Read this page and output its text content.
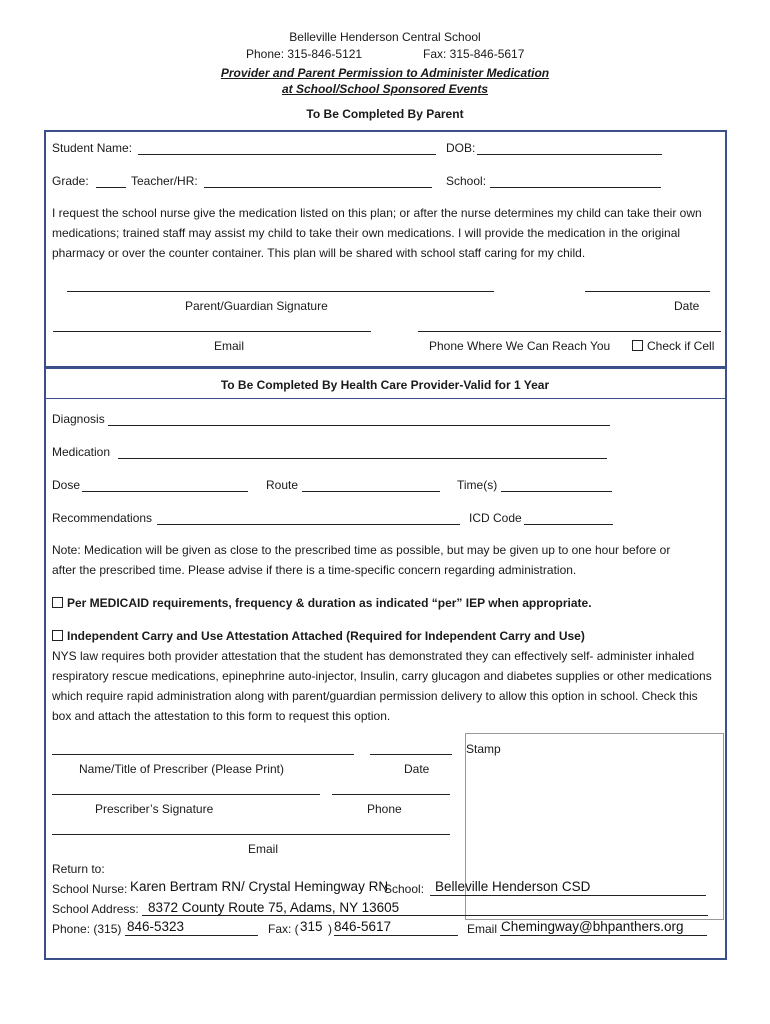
Belleville Henderson Central School
Phone: 315-846-5121	Fax: 315-846-5617
Provider and Parent Permission to Administer Medication
at School/School Sponsored Events
To Be Completed By Parent
Student Name:	DOB:
Grade:	Teacher/HR:	School:
I request the school nurse give the medication listed on this plan; or after the nurse determines my child can take their own medications; trained staff may assist my child to take their own medications. I will provide the medication in the original pharmacy or over the counter container. This plan will be shared with school staff caring for my child.
Parent/Guardian Signature	Date
Email	Phone Where We Can Reach You	Check if Cell
To Be Completed By Health Care Provider-Valid for 1 Year
Diagnosis
Medication
Dose	Route	Time(s)
Recommendations	ICD Code
Note: Medication will be given as close to the prescribed time as possible, but may be given up to one hour before or after the prescribed time. Please advise if there is a time-specific concern regarding administration.
Per MEDICAID requirements, frequency & duration as indicated “per” IEP when appropriate.
Independent Carry and Use Attestation Attached (Required for Independent Carry and Use)
NYS law requires both provider attestation that the student has demonstrated they can effectively self- administer inhaled respiratory rescue medications, epinephrine auto-injector, Insulin, carry glucagon and diabetes supplies or other medications which require rapid administration along with parent/guardian permission delivery to allow this option in school. Check this box and attach the attestation to this form to request this option.
Stamp
Name/Title of Prescriber (Please Print)	Date
Prescriber’s Signature	Phone
Email
Return to:
School Nurse: Karen Bertram RN/ Crystal Hemingway RN
School: Belleville Henderson CSD
School Address: 8372 County Route 75, Adams, NY 13605
Phone: (315) 846-5323	Fax: ( 315 ) 846-5617	Email Chemingway@bhpanthers.org
